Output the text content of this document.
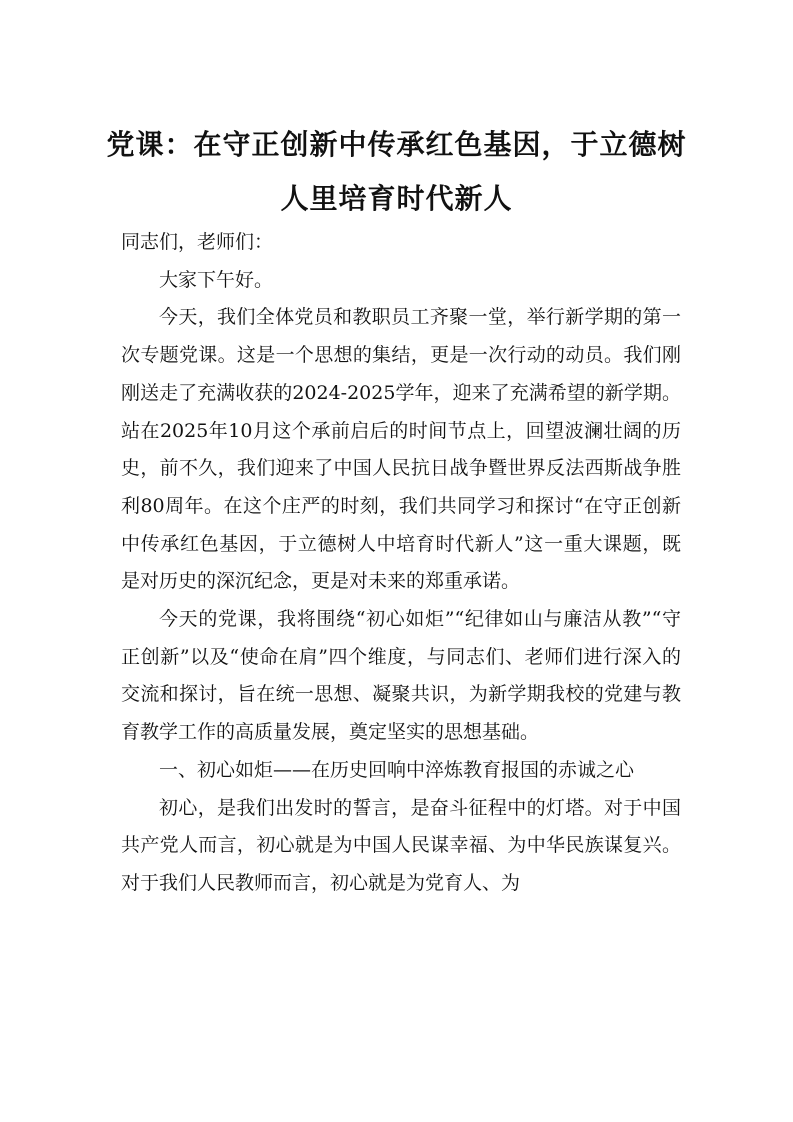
党课：在守正创新中传承红色基因，于立德树人里培育时代新人

同志们，老师们：

大家下午好。

今天，我们全体党员和教职员工齐聚一堂，举行新学期的第一次专题党课。这是一个思想的集结，更是一次行动的动员。我们刚刚送走了充满收获的2024-2025学年，迎来了充满希望的新学期。站在2025年10月这个承前启后的时间节点上，回望波澜壮阔的历史，前不久，我们迎来了中国人民抗日战争暨世界反法西斯战争胜利80周年。在这个庄严的时刻，我们共同学习和探讨“在守正创新中传承红色基因，于立德树人中培育时代新人”这一重大课题，既是对历史的深沉纪念，更是对未来的郑重承诺。

今天的党课，我将围绕“初心如炬”“纪律如山与廉洁从教”“守正创新”以及“使命在肩”四个维度，与同志们、老师们进行深入的交流和探讨，旨在统一思想、凝聚共识，为新学期我校的党建与教育教学工作的高质量发展，奠定坚实的思想基础。

一、初心如炬——在历史回响中淬炼教育报国的赤诚之心

初心，是我们出发时的誓言，是奋斗征程中的灯塔。对于中国共产党人而言，初心就是为中国人民谋幸福、为中华民族谋复兴。对于我们人民教师而言，初心就是为党育人、为
